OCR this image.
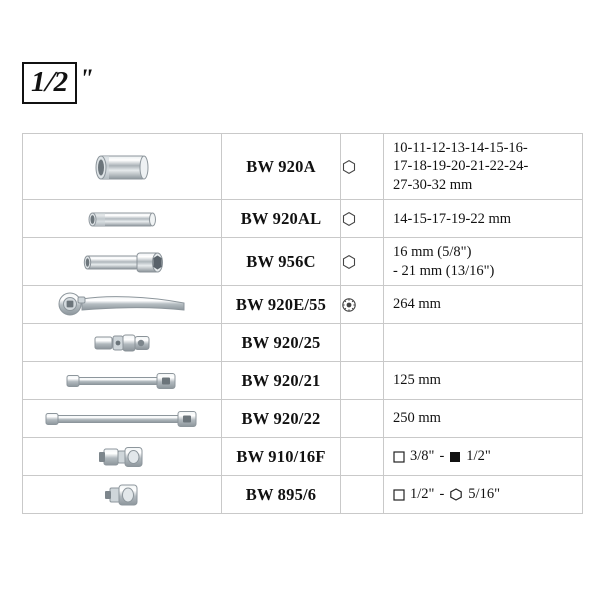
1/2 "

BW 920A		10-11-12-13-14-15-16-
17-18-19-20-21-22-24-
27-30-32 mm

BW 920AL		14-15-17-19-22 mm

BW 956C		16 mm (5/8")
- 21 mm (13/16")

BW 920E/55		264 mm

BW 920/25		

BW 920/21		125 mm

BW 920/22		250 mm

BW 910/16F		3/8" - 1/2"

BW 895/6		1/2" - 5/16"
